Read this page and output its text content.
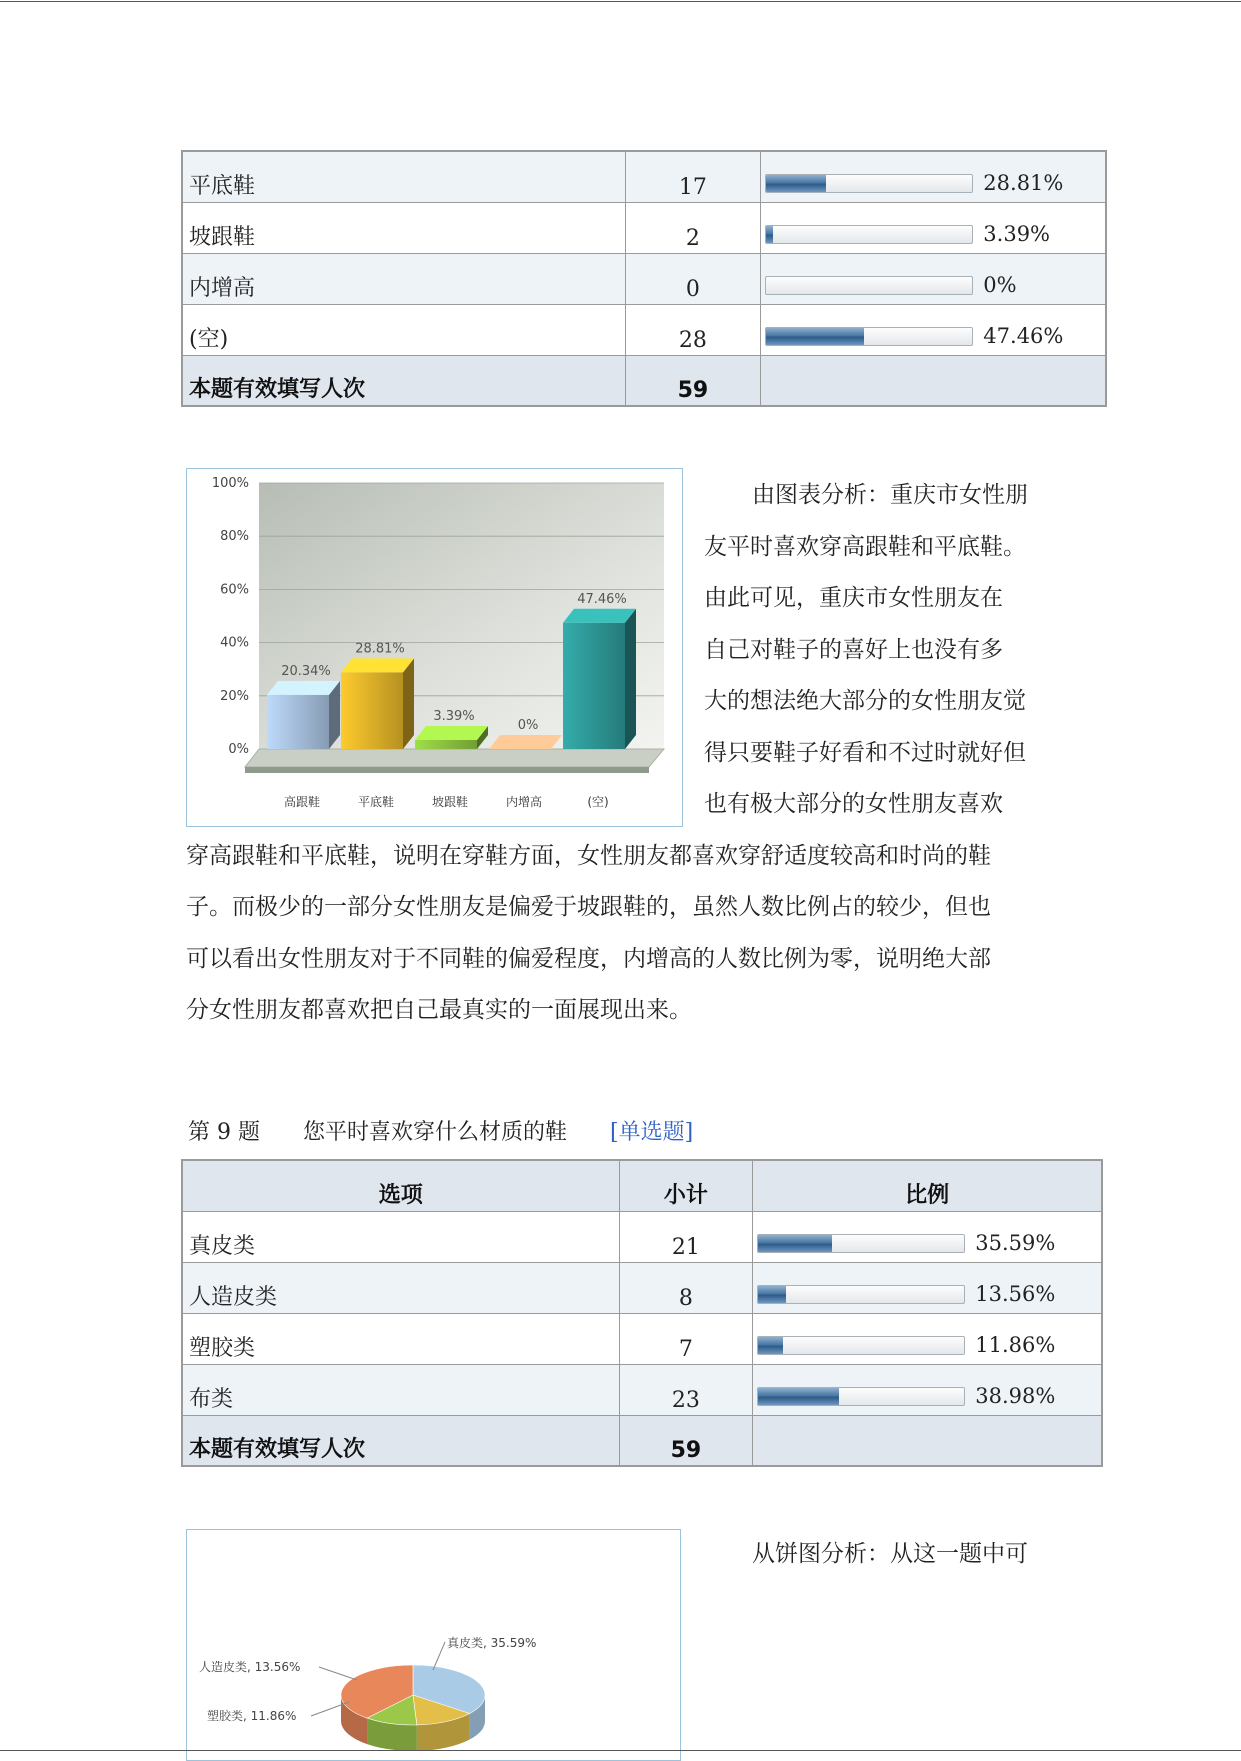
平底鞋	17	28.81%

坡跟鞋	2	3.39%

内增高	0	0%

(空)	28	47.46%

本题有效填写人次	59	
0%
20%
40%
60%
80%
100%
20.34%
28.81%
3.39%
0%
47.46%
高跟鞋	平底鞋	坡跟鞋	内增高	(空)

由图表分析：重庆市女性朋

友平时喜欢穿高跟鞋和平底鞋。

由此可见，重庆市女性朋友在

自己对鞋子的喜好上也没有多

大的想法绝大部分的女性朋友觉

得只要鞋子好看和不过时就好但

也有极大部分的女性朋友喜欢

穿高跟鞋和平底鞋，说明在穿鞋方面，女性朋友都喜欢穿舒适度较高和时尚的鞋

子。而极少的一部分女性朋友是偏爱于坡跟鞋的，虽然人数比例占的较少，但也

可以看出女性朋友对于不同鞋的偏爱程度，内增高的人数比例为零，说明绝大部

分女性朋友都喜欢把自己最真实的一面展现出来。

第 9 题 您平时喜欢穿什么材质的鞋 [单选题]
选项	小计	比例
真皮类	21	35.59%

人造皮类	8	13.56%

塑胶类	7	11.86%

布类	23	38.98%

本题有效填写人次	59	
真皮类, 35.59%
人造皮类, 13.56%
塑胶类, 11.86%

从饼图分析：从这一题中可
